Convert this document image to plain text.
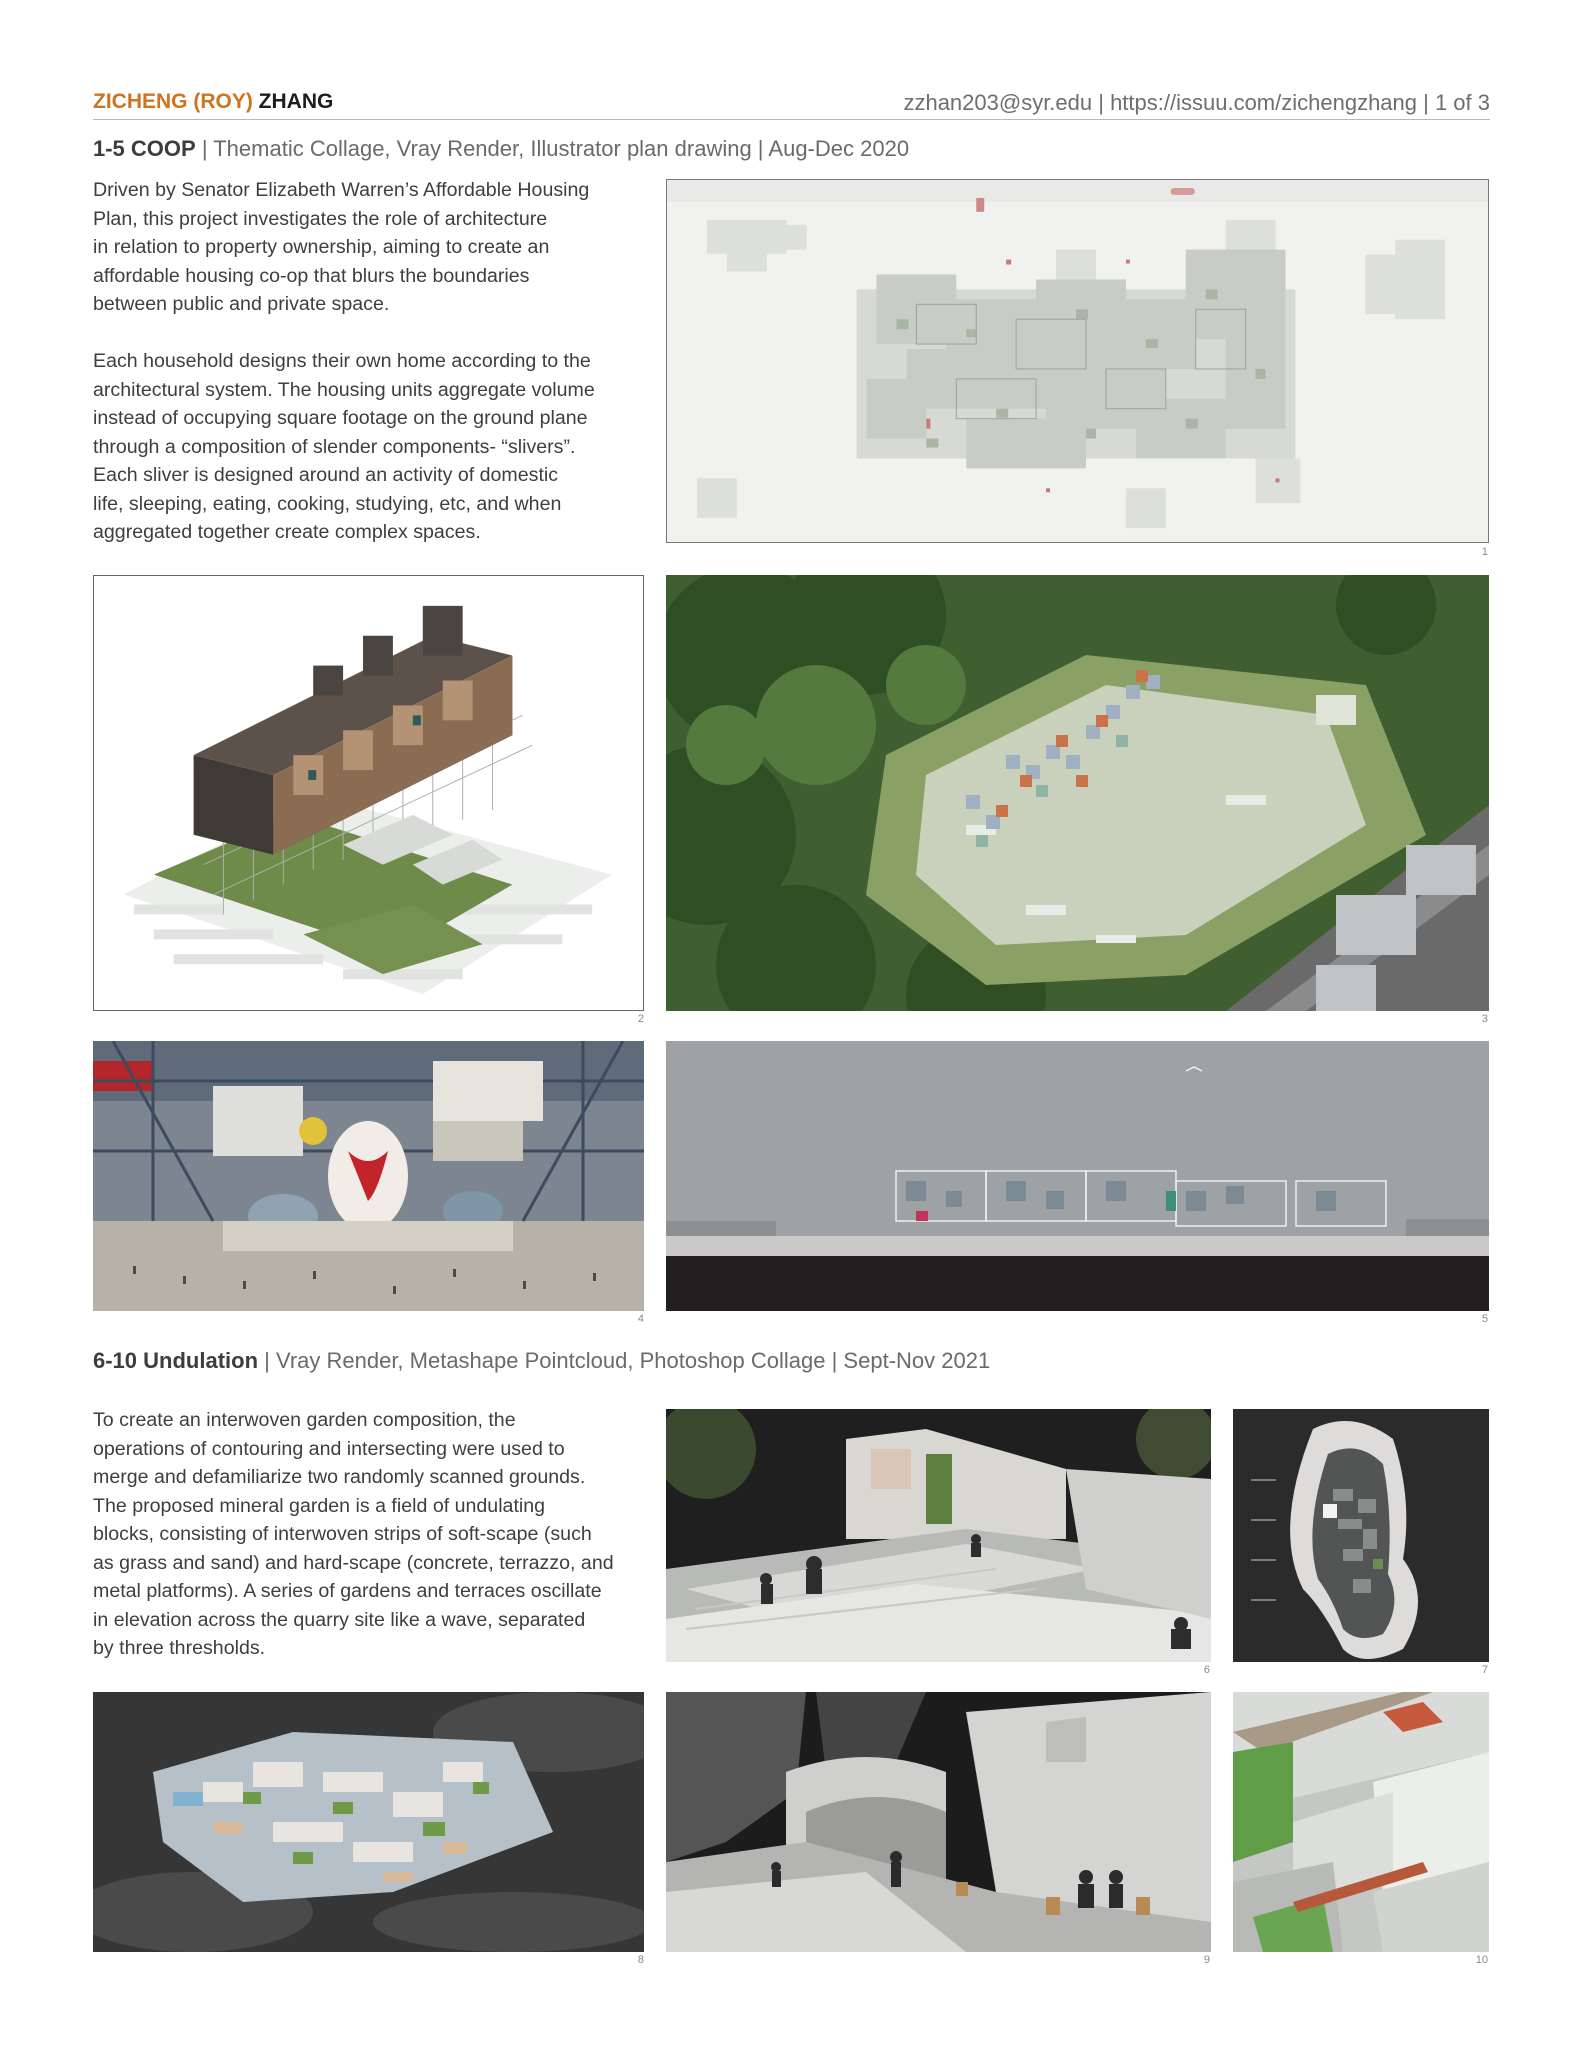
ZICHENG (ROY) ZHANG	zzhan203@syr.edu | https://issuu.com/zichengzhang | 1 of 3
1-5 COOP | Thematic Collage, Vray Render, Illustrator plan drawing | Aug-Dec 2020
Driven by Senator Elizabeth Warren’s Affordable Housing
Plan, this project investigates the role of architecture
in relation to property ownership, aiming to create an
affordable housing co-op that blurs the boundaries
between public and private space.

Each household designs their own home according to the
architectural system. The housing units aggregate volume
instead of occupying square footage on the ground plane
through a composition of slender components- “slivers”.
Each sliver is designed around an activity of domestic
life, sleeping, eating, cooking, studying, etc, and when
aggregated together create complex spaces.
1
2	3
4	5
6-10 Undulation | Vray Render, Metashape Pointcloud, Photoshop Collage | Sept-Nov 2021
To create an interwoven garden composition, the
operations of contouring and intersecting were used to
merge and defamiliarize two randomly scanned grounds.
The proposed mineral garden is a field of undulating
blocks, consisting of interwoven strips of soft-scape (such
as grass and sand) and hard-scape (concrete, terrazzo, and
metal platforms). A series of gardens and terraces oscillate
in elevation across the quarry site like a wave, separated
by three thresholds.
6	7
8	9	10
